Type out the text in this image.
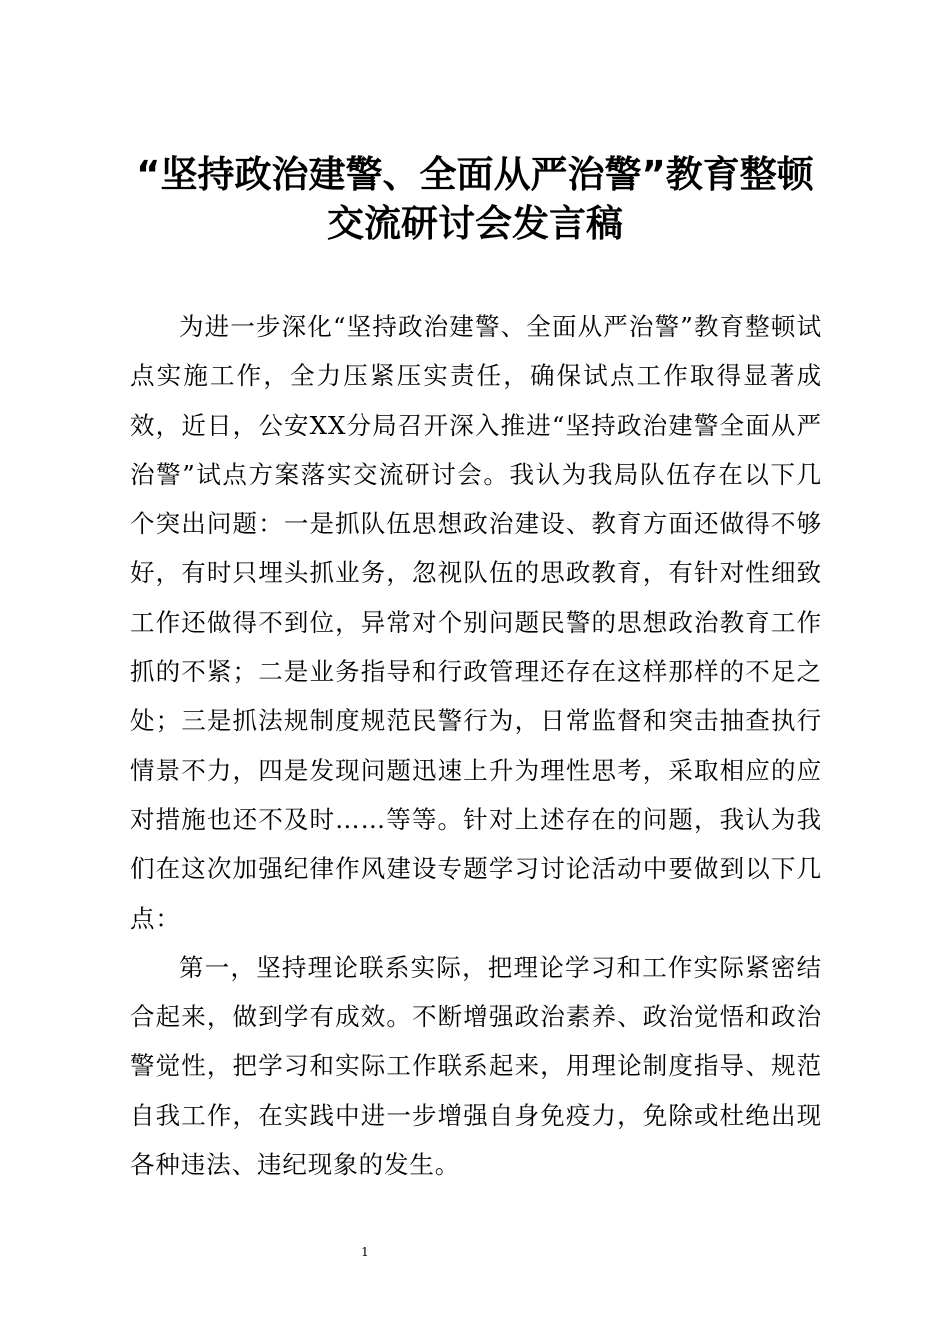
“坚持政治建警、全面从严治警”教育整顿
交流研讨会发言稿

为进一步深化“坚持政治建警、全面从严治警”教育整顿试点实施工作，全力压紧压实责任，确保试点工作取得显著成效，近日，公安XX分局召开深入推进“坚持政治建警全面从严治警”试点方案落实交流研讨会。我认为我局队伍存在以下几个突出问题：一是抓队伍思想政治建设、教育方面还做得不够好，有时只埋头抓业务，忽视队伍的思政教育，有针对性细致工作还做得不到位，异常对个别问题民警的思想政治教育工作抓的不紧；二是业务指导和行政管理还存在这样那样的不足之处；三是抓法规制度规范民警行为，日常监督和突击抽查执行情景不力，四是发现问题迅速上升为理性思考，采取相应的应对措施也还不及时……等等。针对上述存在的问题，我认为我们在这次加强纪律作风建设专题学习讨论活动中要做到以下几点：

第一，坚持理论联系实际，把理论学习和工作实际紧密结合起来，做到学有成效。不断增强政治素养、政治觉悟和政治警觉性，把学习和实际工作联系起来，用理论制度指导、规范自我工作，在实践中进一步增强自身免疫力，免除或杜绝出现各种违法、违纪现象的发生。

1
